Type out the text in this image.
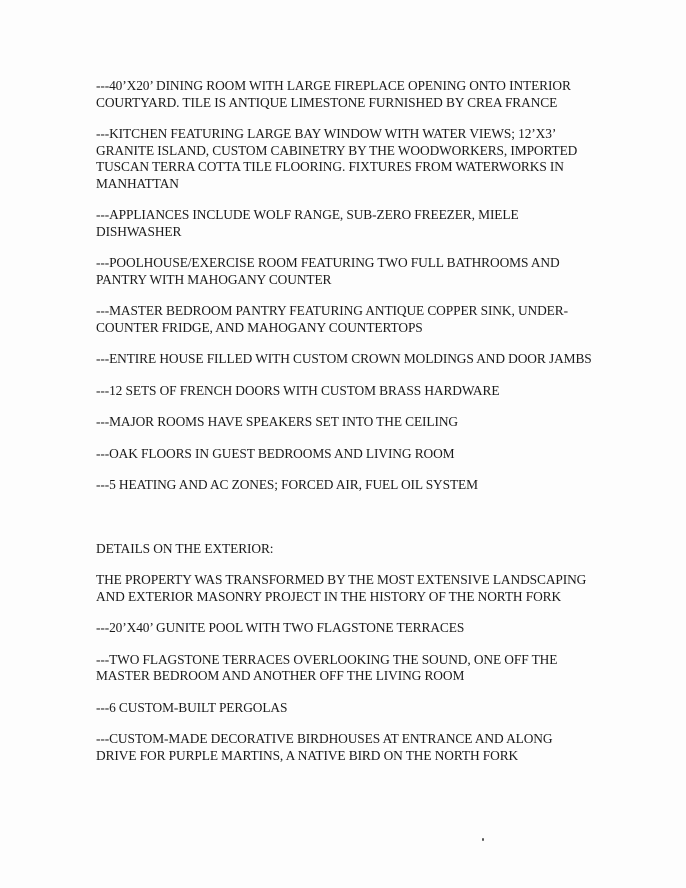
---40’X20’ DINING ROOM WITH LARGE FIREPLACE OPENING ONTO INTERIOR COURTYARD. TILE IS ANTIQUE LIMESTONE FURNISHED BY CREA FRANCE

---KITCHEN FEATURING LARGE BAY WINDOW WITH WATER VIEWS; 12’X3’ GRANITE ISLAND, CUSTOM CABINETRY BY THE WOODWORKERS, IMPORTED TUSCAN TERRA COTTA TILE FLOORING. FIXTURES FROM WATERWORKS IN MANHATTAN

---APPLIANCES INCLUDE WOLF RANGE, SUB-ZERO FREEZER, MIELE DISHWASHER

---POOLHOUSE/EXERCISE ROOM FEATURING TWO FULL BATHROOMS AND PANTRY WITH MAHOGANY COUNTER

---MASTER BEDROOM PANTRY FEATURING ANTIQUE COPPER SINK, UNDER-COUNTER FRIDGE, AND MAHOGANY COUNTERTOPS

---ENTIRE HOUSE FILLED WITH CUSTOM CROWN MOLDINGS AND DOOR JAMBS

---12 SETS OF FRENCH DOORS WITH CUSTOM BRASS HARDWARE

---MAJOR ROOMS HAVE SPEAKERS SET INTO THE CEILING

---OAK FLOORS IN GUEST BEDROOMS AND LIVING ROOM

---5 HEATING AND AC ZONES; FORCED AIR, FUEL OIL SYSTEM

DETAILS ON THE EXTERIOR:

THE PROPERTY WAS TRANSFORMED BY THE MOST EXTENSIVE LANDSCAPING AND EXTERIOR MASONRY PROJECT IN THE HISTORY OF THE NORTH FORK

---20’X40’ GUNITE POOL WITH TWO FLAGSTONE TERRACES

---TWO FLAGSTONE TERRACES OVERLOOKING THE SOUND, ONE OFF THE MASTER BEDROOM AND ANOTHER OFF THE LIVING ROOM

---6 CUSTOM-BUILT PERGOLAS

---CUSTOM-MADE DECORATIVE BIRDHOUSES AT ENTRANCE AND ALONG DRIVE FOR PURPLE MARTINS, A NATIVE BIRD ON THE NORTH FORK
